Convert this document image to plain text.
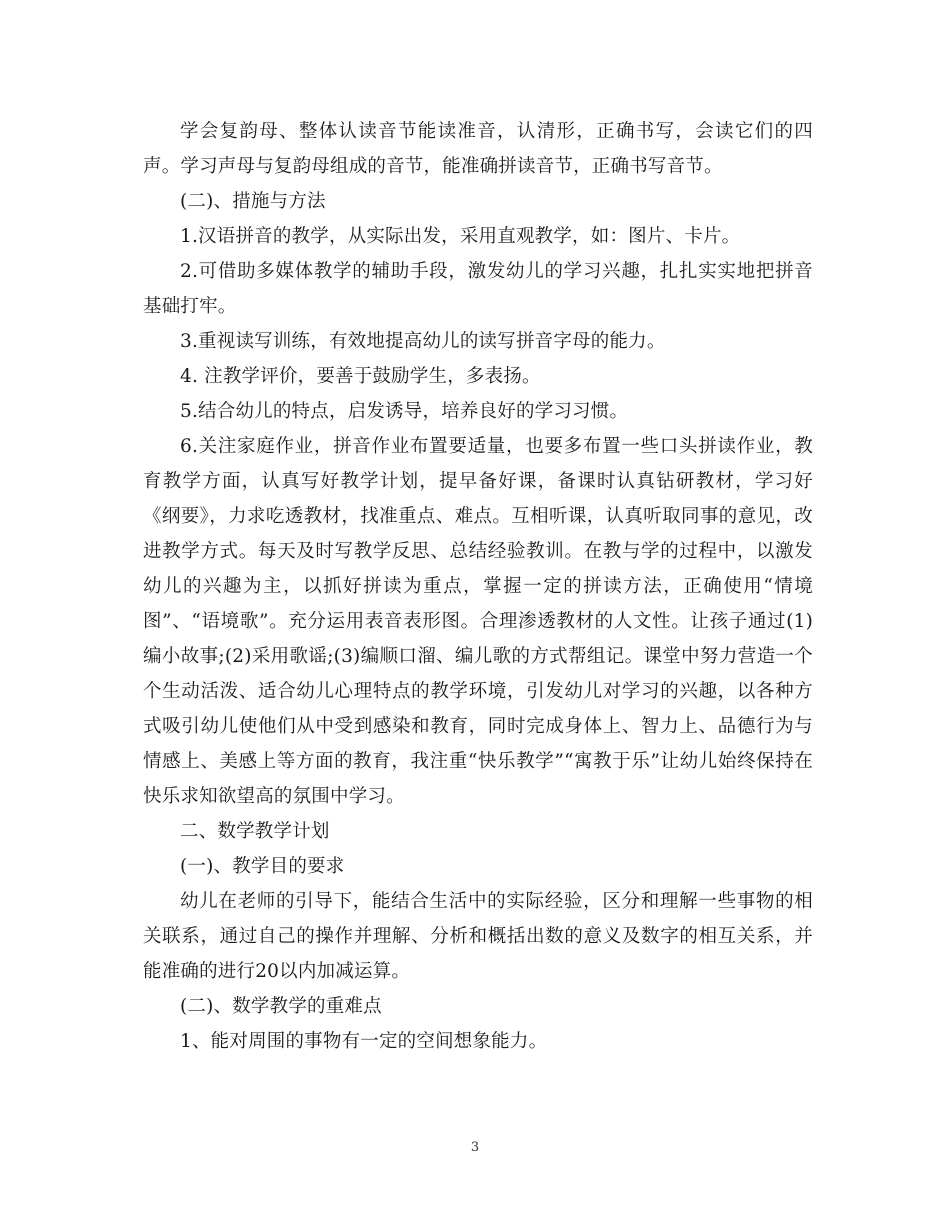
学会复韵母、整体认读音节能读准音，认清形，正确书写，会读它们的四声。学习声母与复韵母组成的音节，能准确拼读音节，正确书写音节。

(二)、措施与方法

1.汉语拼音的教学，从实际出发，采用直观教学，如：图片、卡片。

2.可借助多媒体教学的辅助手段，激发幼儿的学习兴趣，扎扎实实地把拼音基础打牢。

3.重视读写训练，有效地提高幼儿的读写拼音字母的能力。

4. 注教学评价，要善于鼓励学生，多表扬。

5.结合幼儿的特点，启发诱导，培养良好的学习习惯。

6.关注家庭作业，拼音作业布置要适量，也要多布置一些口头拼读作业，教育教学方面，认真写好教学计划，提早备好课，备课时认真钻研教材，学习好《纲要》，力求吃透教材，找准重点、难点。互相听课，认真听取同事的意见，改进教学方式。每天及时写教学反思、总结经验教训。在教与学的过程中，以激发幼儿的兴趣为主，以抓好拼读为重点，掌握一定的拼读方法，正确使用“情境图”、“语境歌”。充分运用表音表形图。合理渗透教材的人文性。让孩子通过(1)编小故事;(2)采用歌谣;(3)编顺口溜、编儿歌的方式帮组记。课堂中努力营造一个个生动活泼、适合幼儿心理特点的教学环境，引发幼儿对学习的兴趣，以各种方式吸引幼儿使他们从中受到感染和教育，同时完成身体上、智力上、品德行为与情感上、美感上等方面的教育，我注重“快乐教学”“寓教于乐”让幼儿始终保持在快乐求知欲望高的氛围中学习。

二、数学教学计划

(一)、教学目的要求

幼儿在老师的引导下，能结合生活中的实际经验，区分和理解一些事物的相关联系，通过自己的操作并理解、分析和概括出数的意义及数字的相互关系，并能准确的进行20以内加减运算。

(二)、数学教学的重难点

1、能对周围的事物有一定的空间想象能力。

3
